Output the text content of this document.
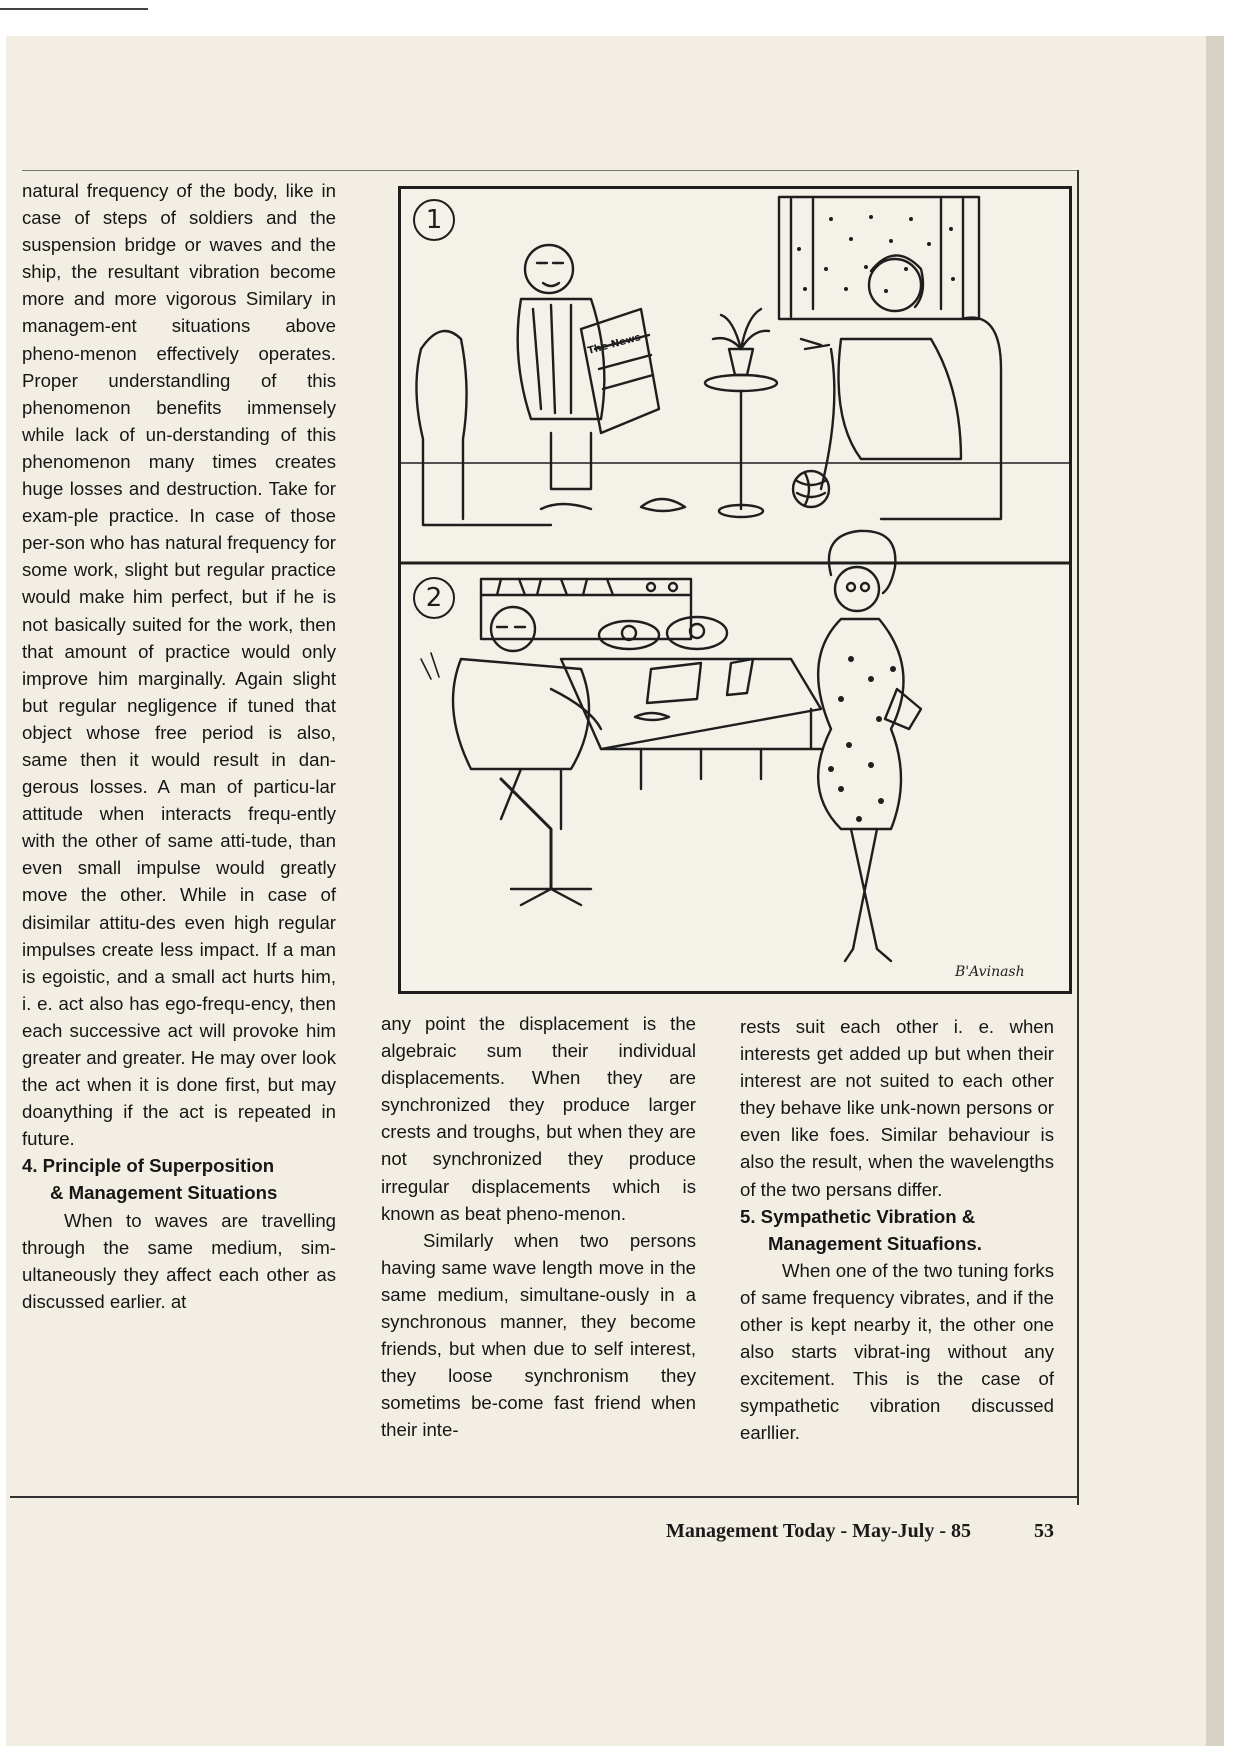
natural frequency of the body, like in case of steps of soldiers and the suspension bridge or waves and the ship, the resultant vibration become more and more vigorous Similary in managem-ent situations above pheno-menon effectively operates. Proper understandling of this phenomenon benefits immensely while lack of un-derstanding of this phenomenon many times creates huge losses and destruction. Take for exam-ple practice. In case of those per-son who has natural frequency for some work, slight but regular practice would make him perfect, but if he is not basically suited for the work, then that amount of practice would only improve him marginally. Again slight but regular negligence if tuned that object whose free period is also, same then it would result in dan-gerous losses. A man of particu-lar attitude when interacts frequ-ently with the other of same atti-tude, than even small impulse would greatly move the other. While in case of disimilar attitu-des even high regular impulses create less impact. If a man is egoistic, and a small act hurts him, i. e. act also has ego-frequ-ency, then each successive act will provoke him greater and greater. He may over look the act when it is done first, but may doanything if the act is repeated in future.

4. Principle of Superposition
& Management Situations

When to waves are travelling through the same medium, sim-ultaneously they affect each other as discussed earlier. at

1
2
The News
B'Avinash

any point the displacement is the algebraic sum their individual displacements. When they are synchronized they produce larger crests and troughs, but when they are not synchronized they produce irregular displacements which is known as beat pheno-menon.

Similarly when two persons having same wave length move in the same medium, simultane-ously in a synchronous manner, they become friends, but when due to self interest, they loose synchronism they sometims be-come fast friend when their inte-

rests suit each other i. e. when interests get added up but when their interest are not suited to each other they behave like unk-nown persons or even like foes. Similar behaviour is also the result, when the wavelengths of the two persans differ.

5. Sympathetic Vibration &
Management Situafions.

When one of the two tuning forks of same frequency vibrates, and if the other is kept nearby it, the other one also starts vibrat-ing without any excitement. This is the case of sympathetic vibration discussed earllier.

Management Today - May-July - 85	53
